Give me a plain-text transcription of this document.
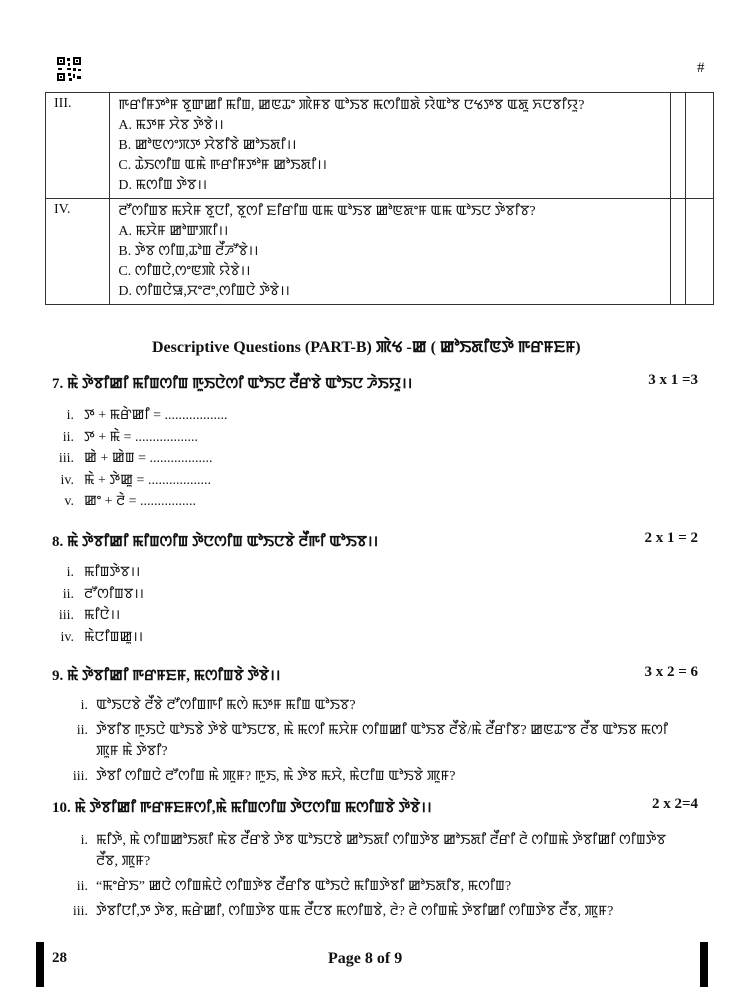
#
III.	ꯒꯔꯤꯝꯇꯣꯝ ꯕꯨꯛꯀꯤ ꯃꯤꯡ, ꯀꯟꯊꯦ ꯄꯥꯝꯕ ꯑꯣꯏꯕ ꯃꯁꯤꯡꯗꯥ ꯌꯥꯑꯣꯕ ꯅꯠꯇꯕ ꯑꯗꯨ ꯈꯅꯕꯤꯌꯨ?
A. ꯃꯇꯝ ꯆꯥꯕ ꯇꯥꯕꯥ।।
B. ꯀꯣꯟꯁꯦꯞꯇ ꯆꯥꯕꯤꯕꯥ ꯀꯣꯏꯗꯤ।।
C. ꯊꯥꯏꯁꯤꯡ ꯑꯃꯥ ꯒꯔꯤꯝꯇꯣꯝ ꯀꯣꯏꯗꯤ।।
D. ꯃꯁꯤꯡ ꯇꯥꯕ।।		

IV.	ꯂꯧꯁꯤꯡꯕ ꯃꯆꯥꯝ ꯕꯨꯅꯤ, ꯕꯨꯁꯤ ꯐꯤꯔꯤꯡ ꯑꯃ ꯑꯣꯏꯕ ꯀꯣꯟꯗꯦꯝ ꯑꯃ ꯑꯣꯏꯅ ꯇꯥꯕꯤꯕ?
A. ꯃꯆꯥꯝ ꯀꯣꯛꯄꯤ।।
B. ꯇꯥꯕ ꯁꯤꯡ,ꯊꯣꯡ ꯂꯩꯍꯧꯕꯥ।।
C. ꯁꯤꯡꯅꯥ,ꯁꯦꯟꯄꯥ ꯌꯥꯕꯥ।।
D. ꯁꯤꯡꯅꯥꯎ,ꯆꯦꯂꯦ,ꯁꯤꯡꯅꯥ ꯇꯥꯕꯥ।।		

Descriptive Questions (PART-B) ꯄꯥꯠ -ꯀ ( ꯀꯣꯏꯗꯤꯟꯇꯥ ꯒꯔꯝꯐꯝ)
7. ꯃꯥ ꯇꯥꯕꯤꯀꯤ ꯃꯤꯡꯁꯤꯡ ꯒꯨꯏꯅꯥꯁꯤ ꯑꯣꯏꯅ ꯂꯩꯔꯕꯥ ꯑꯣꯏꯅ ꯍꯥꯏꯌꯨ।।	3 x 1 =3
i. ꯇ + ꯃꯔꯥꯀꯤ = ..................
ii. ꯇ + ꯃꯥ = ..................
iii. ꯀꯥ + ꯀꯥꯡ = ..................
iv. ꯃꯥ + ꯇꯥꯀꯨ = ..................
v. ꯀꯦ + ꯂꯥ = ................
8. ꯃꯥ ꯇꯥꯕꯤꯀꯤ ꯃꯤꯡꯁꯤꯡ ꯇꯥꯅꯁꯤꯡ ꯑꯣꯏꯅꯕꯥ ꯂꯩꯒꯤ ꯑꯣꯏꯕ।।	2 x 1 = 2
i. ꯃꯤꯡꯇꯥꯕ।।
ii. ꯂꯧꯁꯤꯡꯕ।।
iii. ꯃꯤꯅꯥ।।
iv. ꯃꯥꯅꯤꯡꯀꯨ।।
9. ꯃꯥ ꯇꯥꯕꯤꯀꯤ ꯒꯔꯝꯐꯝ, ꯃꯁꯤꯡꯕꯥ ꯇꯥꯕꯥ।।	3 x 2 = 6
i. ꯑꯣꯏꯅꯕꯥ ꯂꯩꯕꯥ ꯂꯧꯁꯤꯡꯒꯤ ꯃꯁꯥ ꯃꯇꯝ ꯃꯤꯡ ꯑꯣꯏꯕ?
ii. ꯇꯥꯕꯤꯕ ꯒꯨꯏꯅꯥ ꯑꯣꯏꯕꯥ ꯇꯥꯕꯥ ꯑꯣꯏꯅꯕ, ꯃꯥ ꯃꯁꯤ ꯃꯆꯥꯝ ꯁꯤꯡꯀꯤ ꯑꯣꯏꯕ ꯂꯩꯕꯥ/ꯃꯥ ꯂꯩꯔꯤꯕ? ꯀꯟꯊꯦꯕ ꯂꯩꯕ ꯑꯣꯏꯕ ꯃꯁꯤ ꯄꯨꯝ ꯃꯥ ꯇꯥꯕꯤ?
iii. ꯇꯥꯕꯤ ꯁꯤꯡꯅꯥ ꯂꯧꯁꯤꯡ ꯃꯥ ꯄꯨꯝ? ꯒꯨꯏ, ꯃꯥ ꯇꯥꯕ ꯃꯆꯥ, ꯃꯥꯅꯤꯡ ꯑꯣꯏꯕꯥ ꯄꯨꯝ?
10. ꯃꯥ ꯇꯥꯕꯤꯀꯤ ꯒꯔꯝꯐꯝꯁꯤ,ꯃꯥ ꯃꯤꯡꯁꯤꯡ ꯇꯥꯅꯁꯤꯡ ꯃꯁꯤꯡꯕꯥ ꯇꯥꯕꯥ।।	2 x 2=4
i. ꯃꯤꯇꯥ, ꯃꯥ ꯁꯤꯡꯀꯣꯏꯗꯤ ꯃꯥꯕ ꯂꯩꯔꯕꯥ ꯇꯥꯕ ꯑꯣꯏꯅꯕꯥ ꯀꯣꯏꯗꯤ ꯁꯤꯡꯇꯥꯕ ꯀꯣꯏꯗꯤ ꯂꯩꯔꯤ ꯂꯥ ꯁꯤꯡꯃꯥ ꯇꯥꯕꯤꯀꯤ ꯁꯤꯡꯇꯥꯕ ꯂꯩꯕ, ꯄꯨꯝ?
ii. “ꯃꯦꯔꯥꯏ” ꯀꯅꯥ ꯁꯤꯡꯃꯥꯅꯥ ꯁꯤꯡꯇꯥꯕ ꯂꯩꯔꯤꯕ ꯑꯣꯏꯅꯥ ꯃꯤꯡꯇꯥꯕꯤ ꯀꯣꯏꯗꯤꯕ, ꯃꯁꯤꯡ?
iii. ꯇꯥꯕꯤꯅꯤ,ꯇ ꯇꯥꯕ, ꯃꯔꯥꯀꯤ, ꯁꯤꯡꯇꯥꯕ ꯑꯃ ꯂꯩꯅꯕ ꯃꯁꯤꯡꯕꯥ, ꯂꯥ? ꯂꯥ ꯁꯤꯡꯃꯥ ꯇꯥꯕꯤꯀꯤ ꯁꯤꯡꯇꯥꯕ ꯂꯩꯕ, ꯄꯨꯝ?
28	Page 8 of 9
